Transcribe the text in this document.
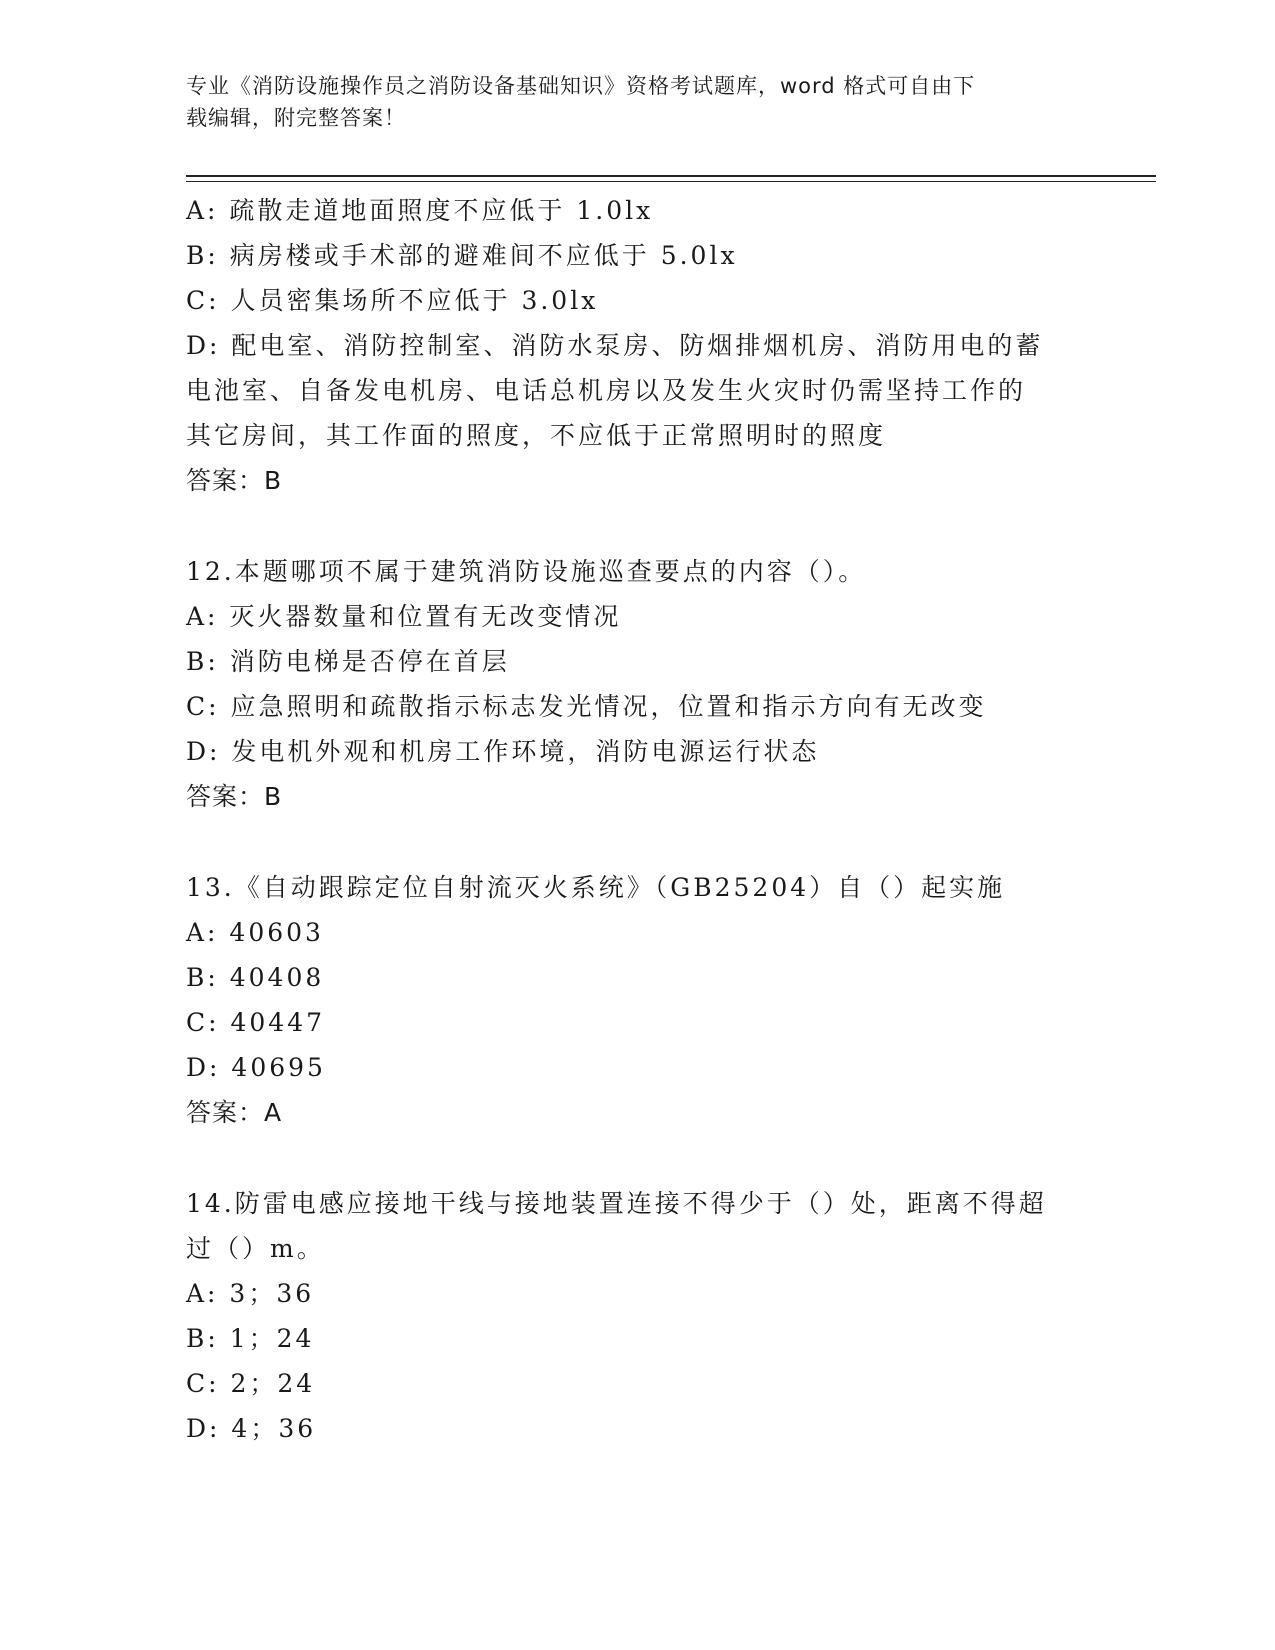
专业《消防设施操作员之消防设备基础知识》资格考试题库，word 格式可自由下
载编辑，附完整答案！
A: 疏散走道地面照度不应低于 1.0lx
B: 病房楼或手术部的避难间不应低于 5.0lx
C: 人员密集场所不应低于 3.0lx
D: 配电室、消防控制室、消防水泵房、防烟排烟机房、消防用电的蓄
电池室、自备发电机房、电话总机房以及发生火灾时仍需坚持工作的
其它房间，其工作面的照度，不应低于正常照明时的照度
答案：B
12.本题哪项不属于建筑消防设施巡查要点的内容（）。
A: 灭火器数量和位置有无改变情况
B: 消防电梯是否停在首层
C: 应急照明和疏散指示标志发光情况，位置和指示方向有无改变
D: 发电机外观和机房工作环境，消防电源运行状态
答案：B
13.《自动跟踪定位自射流灭火系统》（GB25204）自（）起实施
A: 40603
B: 40408
C: 40447
D: 40695
答案：A
14.防雷电感应接地干线与接地装置连接不得少于（）处，距离不得超
过（）m。
A: 3；36
B: 1；24
C: 2；24
D: 4；36
